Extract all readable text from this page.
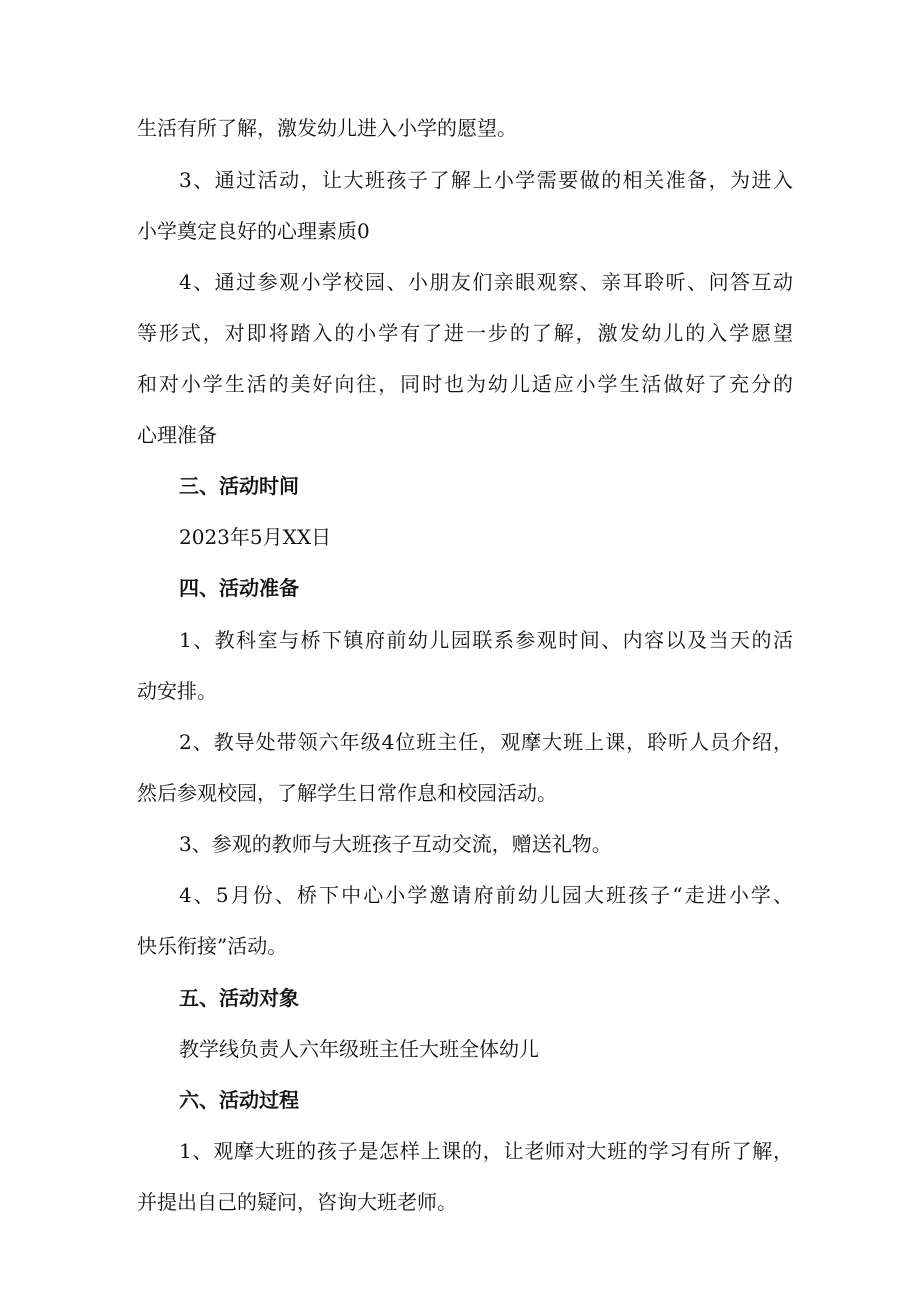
生活有所了解，激发幼儿进入小学的愿望。
3、通过活动，让大班孩子了解上小学需要做的相关准备，为进入
小学奠定良好的心理素质0
4、通过参观小学校园、小朋友们亲眼观察、亲耳聆听、问答互动
等形式，对即将踏入的小学有了进一步的了解，激发幼儿的入学愿望
和对小学生活的美好向往，同时也为幼儿适应小学生活做好了充分的
心理准备
三、活动时间
2023年5月XX日
四、活动准备
1、教科室与桥下镇府前幼儿园联系参观时间、内容以及当天的活
动安排。
2、教导处带领六年级4位班主任，观摩大班上课，聆听人员介绍，
然后参观校园，了解学生日常作息和校园活动。
3、参观的教师与大班孩子互动交流，赠送礼物。
4、5月份、桥下中心小学邀请府前幼儿园大班孩子“走进小学、
快乐衔接”活动。
五、活动对象
教学线负责人六年级班主任大班全体幼儿
六、活动过程
1、观摩大班的孩子是怎样上课的，让老师对大班的学习有所了解，
并提出自己的疑问，咨询大班老师。
